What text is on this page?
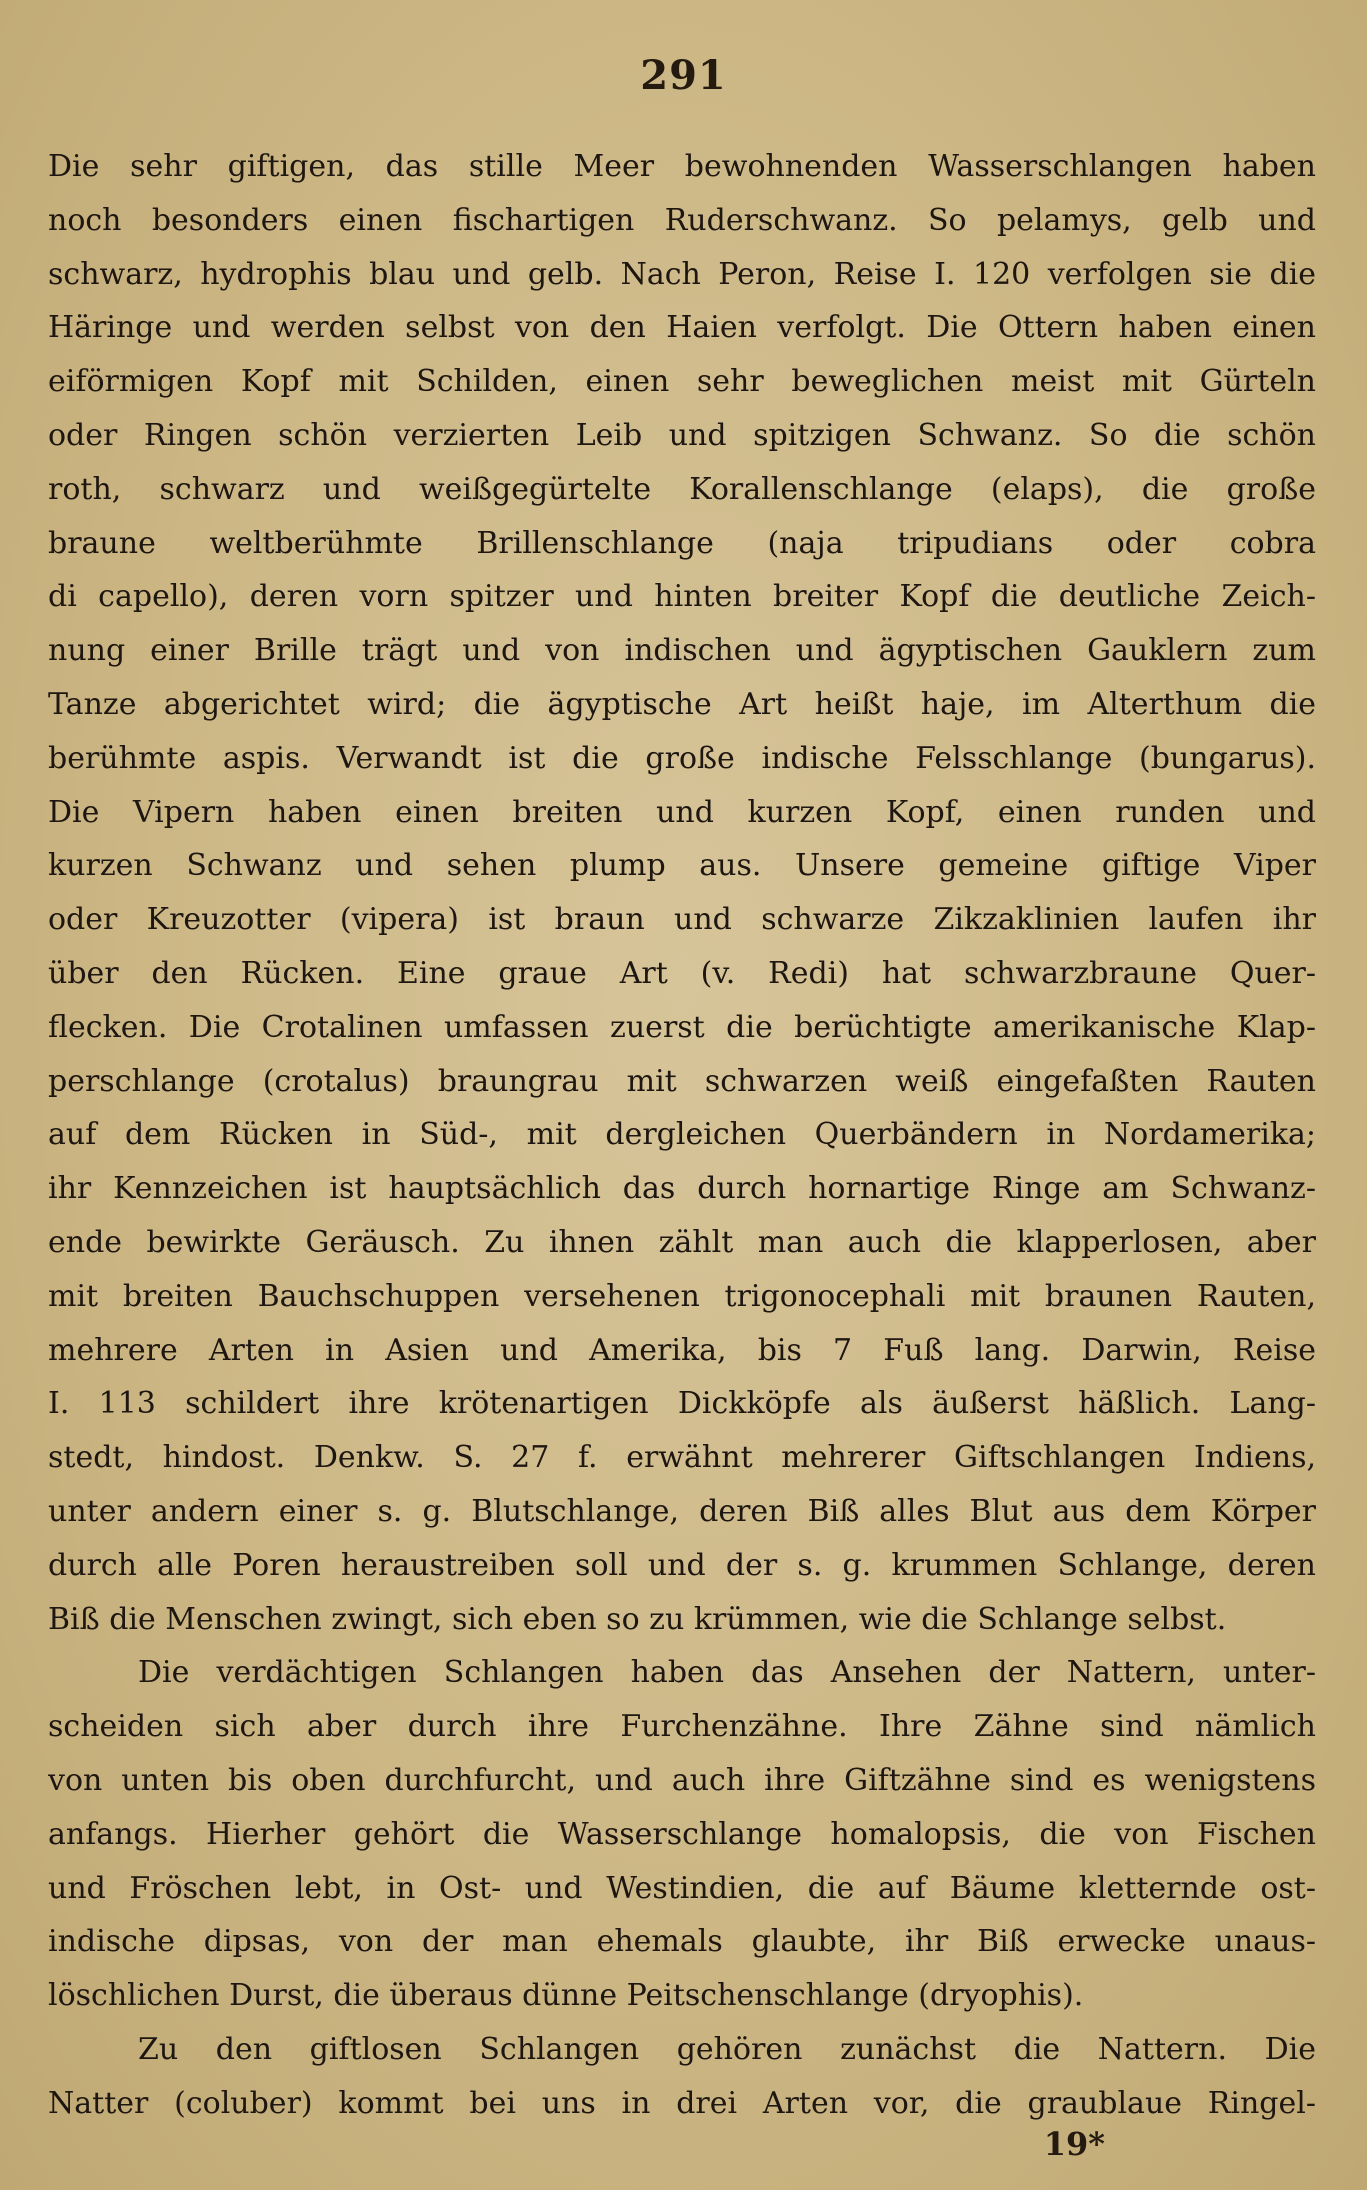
291
Die sehr giftigen, das stille Meer bewohnenden Wasserschlangen haben
noch besonders einen fischartigen Ruderschwanz. So pelamys, gelb und
schwarz, hydrophis blau und gelb. Nach Peron, Reise I. 120 verfolgen sie die
Häringe und werden selbst von den Haien verfolgt. Die Ottern haben einen
eiförmigen Kopf mit Schilden, einen sehr beweglichen meist mit Gürteln
oder Ringen schön verzierten Leib und spitzigen Schwanz. So die schön
roth, schwarz und weißgegürtelte Korallenschlange (elaps), die große
braune weltberühmte Brillenschlange (naja tripudians oder cobra
di capello), deren vorn spitzer und hinten breiter Kopf die deutliche Zeich-
nung einer Brille trägt und von indischen und ägyptischen Gauklern zum
Tanze abgerichtet wird; die ägyptische Art heißt haje, im Alterthum die
berühmte aspis. Verwandt ist die große indische Felsschlange (bungarus).
Die Vipern haben einen breiten und kurzen Kopf, einen runden und
kurzen Schwanz und sehen plump aus. Unsere gemeine giftige Viper
oder Kreuzotter (vipera) ist braun und schwarze Zikzaklinien laufen ihr
über den Rücken. Eine graue Art (v. Redi) hat schwarzbraune Quer-
flecken. Die Crotalinen umfassen zuerst die berüchtigte amerikanische Klap-
perschlange (crotalus) braungrau mit schwarzen weiß eingefaßten Rauten
auf dem Rücken in Süd-, mit dergleichen Querbändern in Nordamerika;
ihr Kennzeichen ist hauptsächlich das durch hornartige Ringe am Schwanz-
ende bewirkte Geräusch. Zu ihnen zählt man auch die klapperlosen, aber
mit breiten Bauchschuppen versehenen trigonocephali mit braunen Rauten,
mehrere Arten in Asien und Amerika, bis 7 Fuß lang. Darwin, Reise
I. 113 schildert ihre krötenartigen Dickköpfe als äußerst häßlich. Lang-
stedt, hindost. Denkw. S. 27 f. erwähnt mehrerer Giftschlangen Indiens,
unter andern einer s. g. Blutschlange, deren Biß alles Blut aus dem Körper
durch alle Poren heraustreiben soll und der s. g. krummen Schlange, deren
Biß die Menschen zwingt, sich eben so zu krümmen, wie die Schlange selbst.
Die verdächtigen Schlangen haben das Ansehen der Nattern, unter-
scheiden sich aber durch ihre Furchenzähne. Ihre Zähne sind nämlich
von unten bis oben durchfurcht, und auch ihre Giftzähne sind es wenigstens
anfangs. Hierher gehört die Wasserschlange homalopsis, die von Fischen
und Fröschen lebt, in Ost- und Westindien, die auf Bäume kletternde ost-
indische dipsas, von der man ehemals glaubte, ihr Biß erwecke unaus-
löschlichen Durst, die überaus dünne Peitschenschlange (dryophis).
Zu den giftlosen Schlangen gehören zunächst die Nattern. Die
Natter (coluber) kommt bei uns in drei Arten vor, die graublaue Ringel-
19*
